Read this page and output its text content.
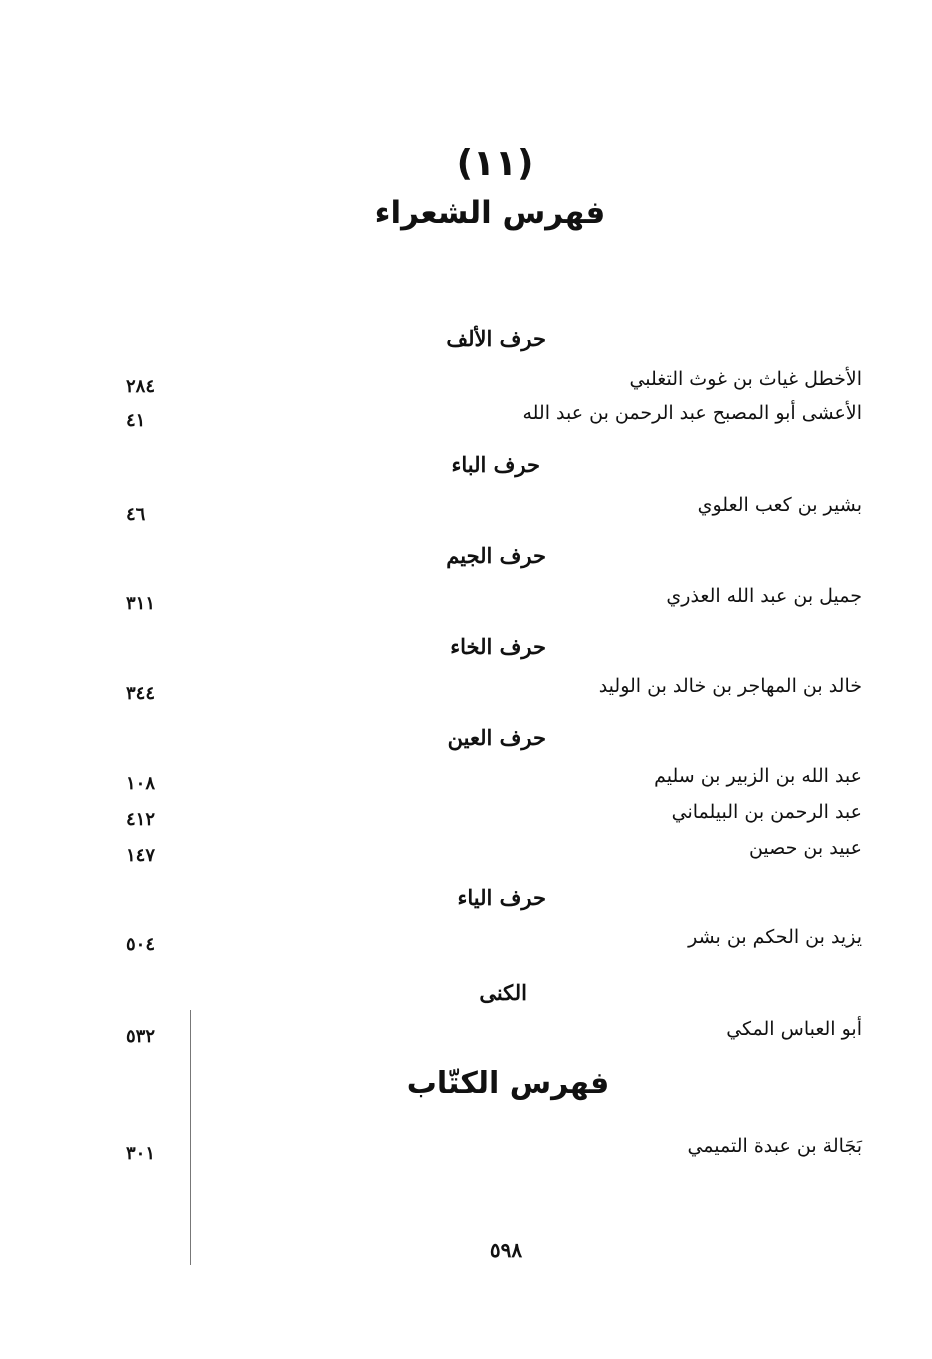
(١١)
فهرس الشعراء
حرف الألف
الأخطل غياث بن غوث التغلبي
٢٨٤
الأعشى أبو المصبح عبد الرحمن بن عبد الله
٤١
حرف الباء
بشير بن كعب العلوي
٤٦
حرف الجيم
جميل بن عبد الله العذري
٣١١
حرف الخاء
خالد بن المهاجر بن خالد بن الوليد
٣٤٤
حرف العين
عبد الله بن الزبير بن سليم
١٠٨
عبد الرحمن بن البيلماني
٤١٢
عبيد بن حصين
١٤٧
حرف الياء
يزيد بن الحكم بن بشر
٥٠٤
الكنى
أبو العباس المكي
٥٣٢
فهرس الكتّاب
بَجَالة بن عبدة التميمي
٣٠١
٥٩٨
